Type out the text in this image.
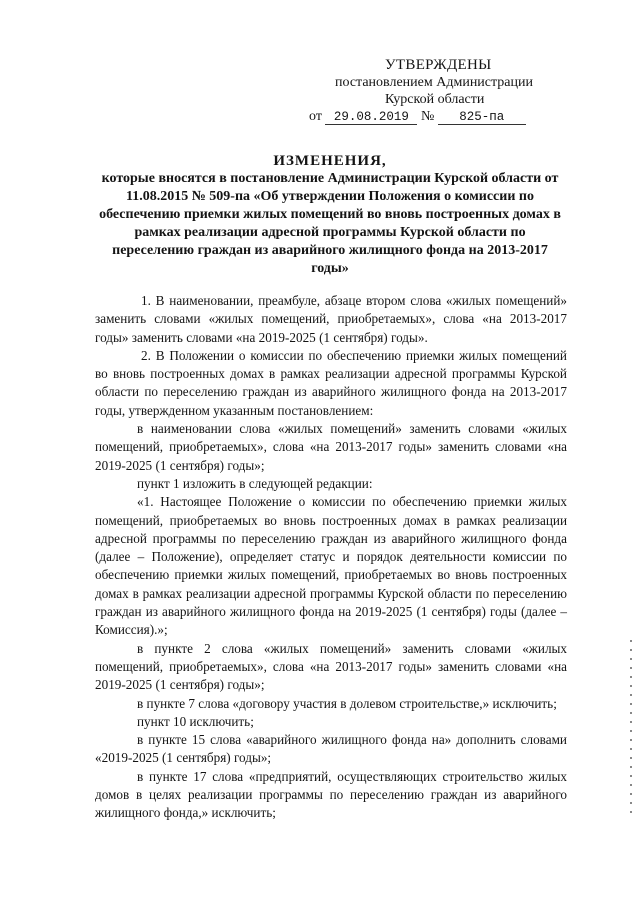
УТВЕРЖДЕНЫ
постановлением Администрации
Курской области
от 29.08.2019 № 825-па
ИЗМЕНЕНИЯ,
которые вносятся в постановление Администрации Курской области от 11.08.2015 № 509-па «Об утверждении Положения о комиссии по обеспечению приемки жилых помещений во вновь построенных домах в рамках реализации адресной программы Курской области по переселению граждан из аварийного жилищного фонда на 2013-2017 годы»

1. В наименовании, преамбуле, абзаце втором слова «жилых помещений» заменить словами «жилых помещений, приобретаемых», слова «на 2013-2017 годы» заменить словами «на 2019-2025 (1 сентября) годы».

2. В Положении о комиссии по обеспечению приемки жилых помещений во вновь построенных домах в рамках реализации адресной программы Курской области по переселению граждан из аварийного жилищного фонда на 2013-2017 годы, утвержденном указанным постановлением:

в наименовании слова «жилых помещений» заменить словами «жилых помещений, приобретаемых», слова «на 2013-2017 годы» заменить словами «на 2019-2025 (1 сентября) годы»;

пункт 1 изложить в следующей редакции:

«1. Настоящее Положение о комиссии по обеспечению приемки жилых помещений, приобретаемых во вновь построенных домах в рамках реализации адресной программы по переселению граждан из аварийного жилищного фонда (далее – Положение), определяет статус и порядок деятельности комиссии по обеспечению приемки жилых помещений, приобретаемых во вновь построенных домах в рамках реализации адресной программы Курской области по переселению граждан из аварийного жилищного фонда на 2019-2025 (1 сентября) годы (далее – Комиссия).»;

в пункте 2 слова «жилых помещений» заменить словами «жилых помещений, приобретаемых», слова «на 2013-2017 годы» заменить словами «на 2019-2025 (1 сентября) годы»;

в пункте 7 слова «договору участия в долевом строительстве,» исключить;

пункт 10 исключить;

в пункте 15 слова «аварийного жилищного фонда на» дополнить словами «2019-2025 (1 сентября) годы»;

в пункте 17 слова «предприятий, осуществляющих строительство жилых домов в целях реализации программы по переселению граждан из аварийного жилищного фонда,» исключить;
